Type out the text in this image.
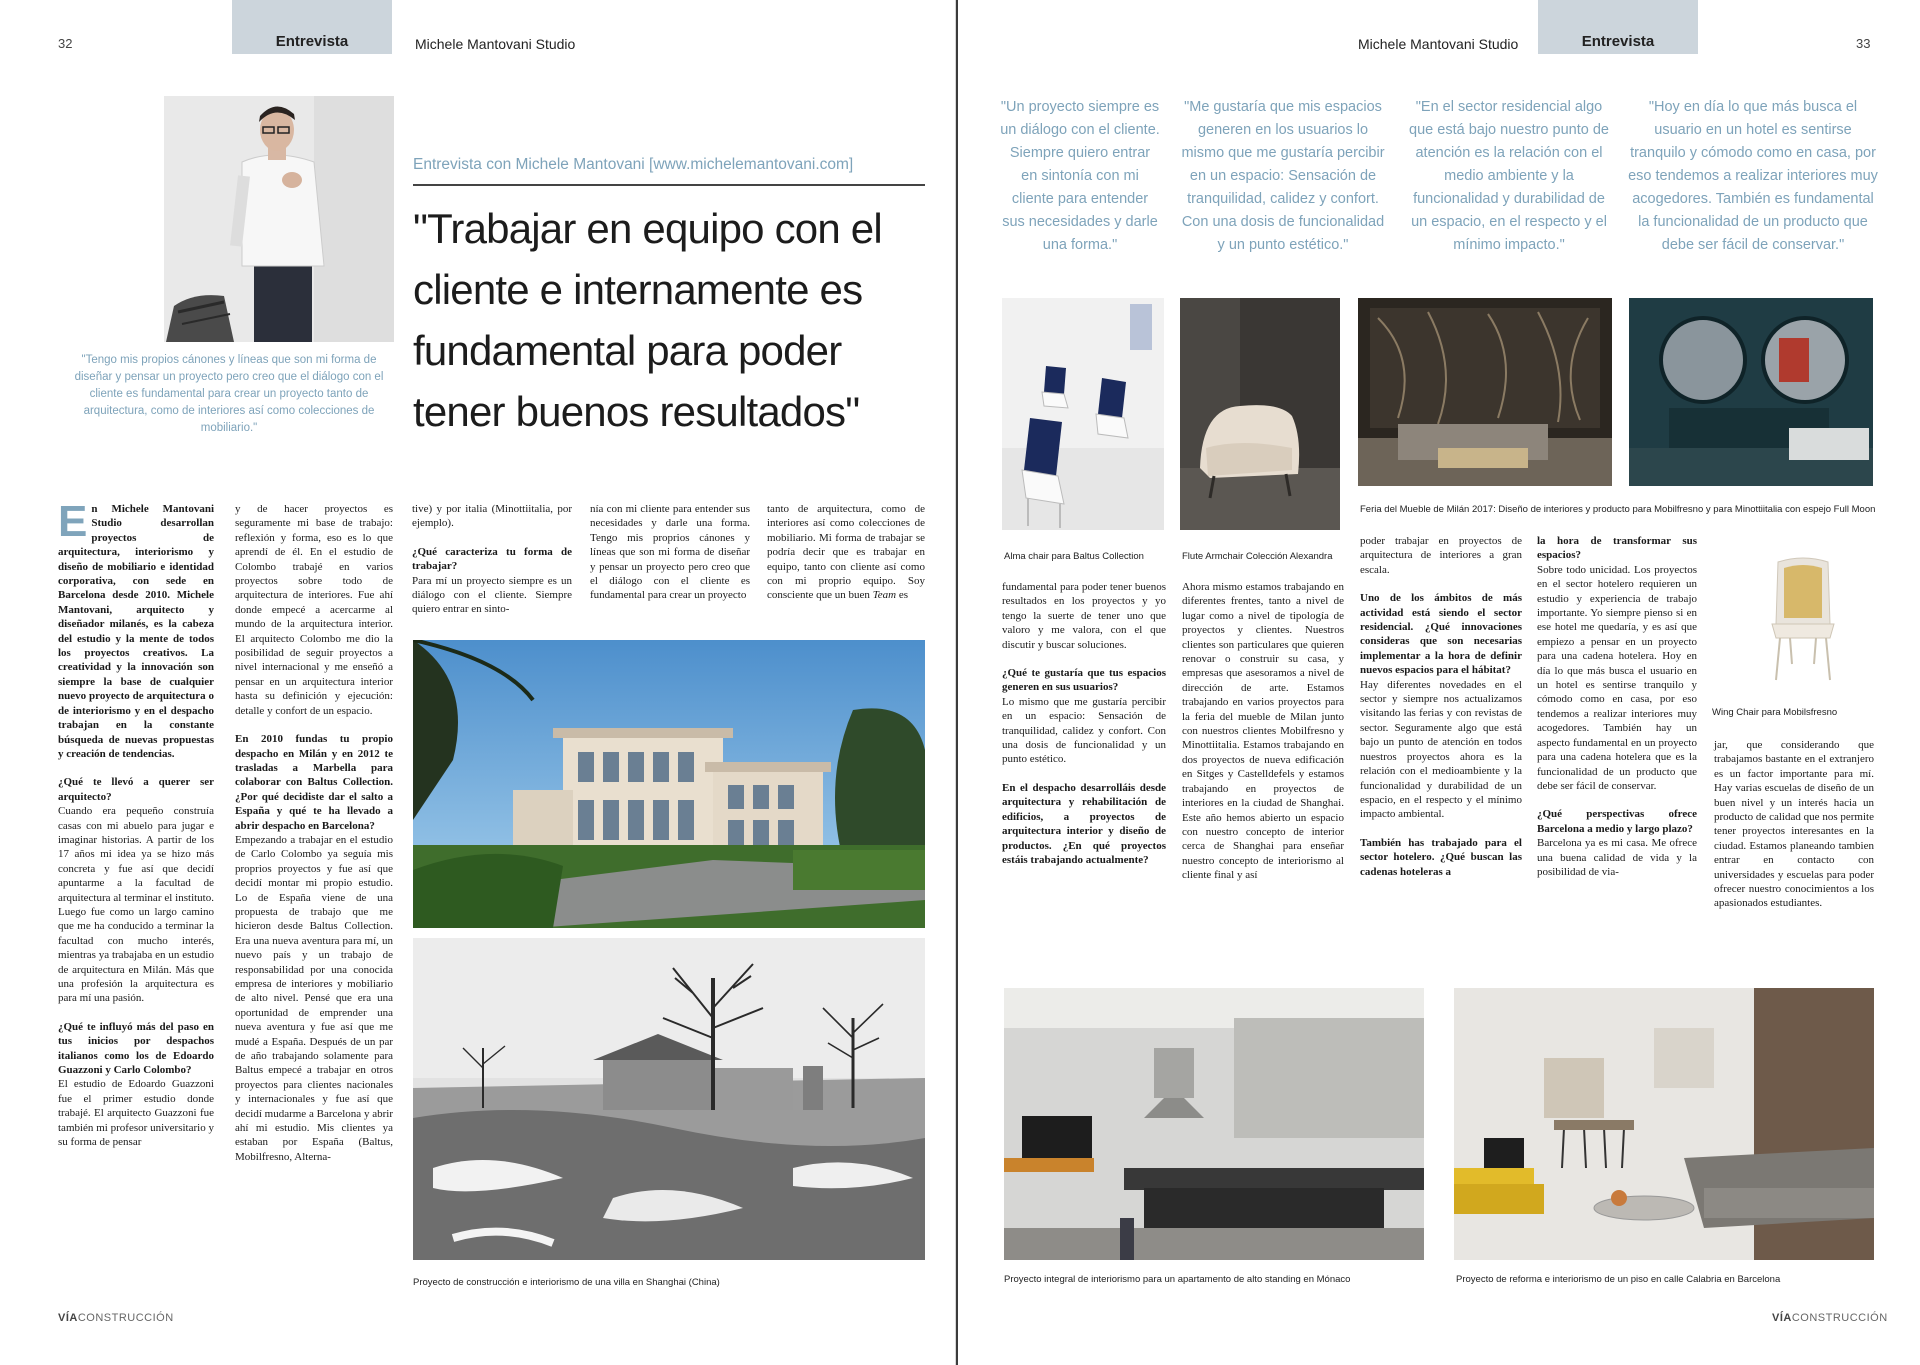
32	Entrevista	Michele Mantovani Studio
"Tengo mis propios cánones y líneas que son mi forma de diseñar y pensar un proyecto pero creo que el diálogo con el cliente es fundamental para crear un proyecto tanto de arquitectura, como de interiores así como colecciones de mobiliario."
Entrevista con Michele Mantovani [www.michelemantovani.com]
"Trabajar en equipo con el cliente e internamente es fundamental para poder tener buenos resultados"

En Michele Mantovani Studio desarrollan proyectos de arquitectura, interiorismo y diseño de mobiliario e identidad corporativa, con sede en Barcelona desde 2010. Michele Mantovani, arquitecto y diseñador milanés, es la cabeza del estudio y la mente de todos los proyectos creativos. La creatividad y la innovación son siempre la base de cualquier nuevo proyecto de arquitectura o de interiorismo y en el despacho trabajan en la constante búsqueda de nuevas propuestas y creación de tendencias.

¿Qué te llevó a querer ser arquitecto?

Cuando era pequeño construía casas con mi abuelo para jugar e imaginar historias. A partir de los 17 años mi idea ya se hizo más concreta y fue así que decidí apuntarme a la facultad de arquitectura al terminar el instituto. Luego fue como un largo camino que me ha conducido a terminar la facultad con mucho interés, mientras ya trabajaba en un estudio de arquitectura en Milán. Más que una profesión la arquitectura es para mí una pasión.

¿Qué te influyó más del paso en tus inicios por despachos italianos como los de Edoardo Guazzoni y Carlo Colombo?

El estudio de Edoardo Guazzoni fue el primer estudio donde trabajé. El arquitecto Guazzoni fue también mi profesor universitario y su forma de pensar

y de hacer proyectos es seguramente mi base de trabajo: reflexión y forma, eso es lo que aprendí de él. En el estudio de Colombo trabajé en varios proyectos sobre todo de arquitectura de interiores. Fue ahí donde empecé a acercarme al mundo de la arquitectura interior. El arquitecto Colombo me dio la posibilidad de seguir proyectos a nivel internacional y me enseñó a pensar en un arquitectura interior hasta su definición y ejecución: detalle y confort de un espacio.

En 2010 fundas tu propio despacho en Milán y en 2012 te trasladas a Marbella para colaborar con Baltus Collection. ¿Por qué decidiste dar el salto a España y qué te ha llevado a abrir despacho en Barcelona?

Empezando a trabajar en el estudio de Carlo Colombo ya seguía mis proprios proyectos y fue así que decidí montar mi propio estudio. Lo de España viene de una propuesta de trabajo que me hicieron desde Baltus Collection. Era una nueva aventura para mí, un nuevo país y un trabajo de responsabilidad por una conocida empresa de interiores y mobiliario de alto nivel. Pensé que era una oportunidad de emprender una nueva aventura y fue así que me mudé a España. Después de un par de año trabajando solamente para Baltus empecé a trabajar en otros proyectos para clientes nacionales y internacionales y fue así que decidí mudarme a Barcelona y abrir ahí mi estudio. Mis clientes ya estaban por España (Baltus, Mobilfresno, Alterna-

tive) y por italia (Minottiitalia, por ejemplo).

¿Qué caracteriza tu forma de trabajar?

Para mí un proyecto siempre es un diálogo con el cliente. Siempre quiero entrar en sinto-

nía con mi cliente para entender sus necesidades y darle una forma. Tengo mis proprios cánones y líneas que son mi forma de diseñar y pensar un proyecto pero creo que el diálogo con el cliente es fundamental para crear un proyecto

tanto de arquitectura, como de interiores así como colecciones de mobiliario. Mi forma de trabajar se podría decir que es trabajar en equipo, tanto con cliente así como con mi proprio equipo. Soy consciente que un buen Team es

Proyecto de construcción e interiorismo de una villa en Shanghai (China)
VÍACONSTRUCCIÓN
Michele Mantovani Studio	Entrevista	33
"Un proyecto siempre es un diálogo con el cliente. Siempre quiero entrar en sintonía con mi cliente para entender sus necesidades y darle una forma."
"Me gustaría que mis espacios generen en los usuarios lo mismo que me gustaría percibir en un espacio: Sensación de tranquilidad, calidez y confort. Con una dosis de funcionalidad y un punto estético."
"En el sector residencial algo que está bajo nuestro punto de atención es la relación con el medio ambiente y la funcionalidad y durabilidad de un espacio, en el respecto y el mínimo impacto."
"Hoy en día lo que más busca el usuario en un hotel es sentirse tranquilo y cómodo como en casa, por eso tendemos a realizar interiores muy acogedores. También es fundamental la funcionalidad de un producto que debe ser fácil de conservar."
Feria del Mueble de Milán 2017: Diseño de interiores y producto para Mobilfresno y para Minottiitalia con espejo Full Moon
Alma chair para Baltus Collection	Flute Armchair Colección Alexandra
Wing Chair para Mobilsfresno

fundamental para poder tener buenos resultados en los proyectos y yo tengo la suerte de tener uno que valoro y me valora, con el que discutir y buscar soluciones.

¿Qué te gustaría que tus espacios generen en sus usuarios?

Lo mismo que me gustaría percibir en un espacio: Sensación de tranquilidad, calidez y confort. Con una dosis de funcionalidad y un punto estético.

En el despacho desarrolláis desde arquitectura y rehabilitación de edificios, a proyectos de arquitectura interior y diseño de productos. ¿En qué proyectos estáis trabajando actualmente?

Ahora mismo estamos trabajando en diferentes frentes, tanto a nivel de lugar como a nivel de tipología de proyectos y clientes. Nuestros clientes son particulares que quieren renovar o construir su casa, y empresas que asesoramos a nivel de dirección de arte. Estamos trabajando en varios proyectos para la feria del mueble de Milan junto con nuestros clientes Mobilfresno y Minottiitalia. Estamos trabajando en dos proyectos de nueva edificación en Sitges y Castelldefels y estamos trabajando en proyectos de interiores en la ciudad de Shanghai. Este año hemos abierto un espacio con nuestro concepto de interior cerca de Shanghai para enseñar nuestro concepto de interiorismo al cliente final y así

poder trabajar en proyectos de arquitectura de interiores a gran escala.

Uno de los ámbitos de más actividad está siendo el sector residencial. ¿Qué innovaciones consideras que son necesarias implementar a la hora de definir nuevos espacios para el hábitat?

Hay diferentes novedades en el sector y siempre nos actualizamos visitando las ferias y con revistas de sector. Seguramente algo que está bajo un punto de atención en todos nuestros proyectos ahora es la relación con el medioambiente y la funcionalidad y durabilidad de un espacio, en el respecto y el mínimo impacto ambiental.

También has trabajado para el sector hotelero. ¿Qué buscan las cadenas hoteleras a

la hora de transformar sus espacios?

Sobre todo unicidad. Los proyectos en el sector hotelero requieren un estudio y experiencia de trabajo importante. Yo siempre pienso si en ese hotel me quedaría, y es así que empiezo a pensar en un proyecto para una cadena hotelera. Hoy en día lo que más busca el usuario en un hotel es sentirse tranquilo y cómodo como en casa, por eso tendemos a realizar interiores muy acogedores. También hay un aspecto fundamental en un proyecto para una cadena hotelera que es la funcionalidad de un producto que debe ser fácil de conservar.

¿Qué perspectivas ofrece Barcelona a medio y largo plazo?

Barcelona ya es mi casa. Me ofrece una buena calidad de vida y la posibilidad de via-

jar, que considerando que trabajamos bastante en el extranjero es un factor importante para mí. Hay varias escuelas de diseño de un buen nivel y un interés hacia un producto de calidad que nos permite tener proyectos interesantes en la ciudad. Estamos planeando tambien entrar en contacto con universidades y escuelas para poder ofrecer nuestro conocimientos a los apasionados estudiantes.

Proyecto integral de interiorismo para un apartamento de alto standing en Mónaco	Proyecto de reforma e interiorismo de un piso en calle Calabria en Barcelona
VÍACONSTRUCCIÓN
